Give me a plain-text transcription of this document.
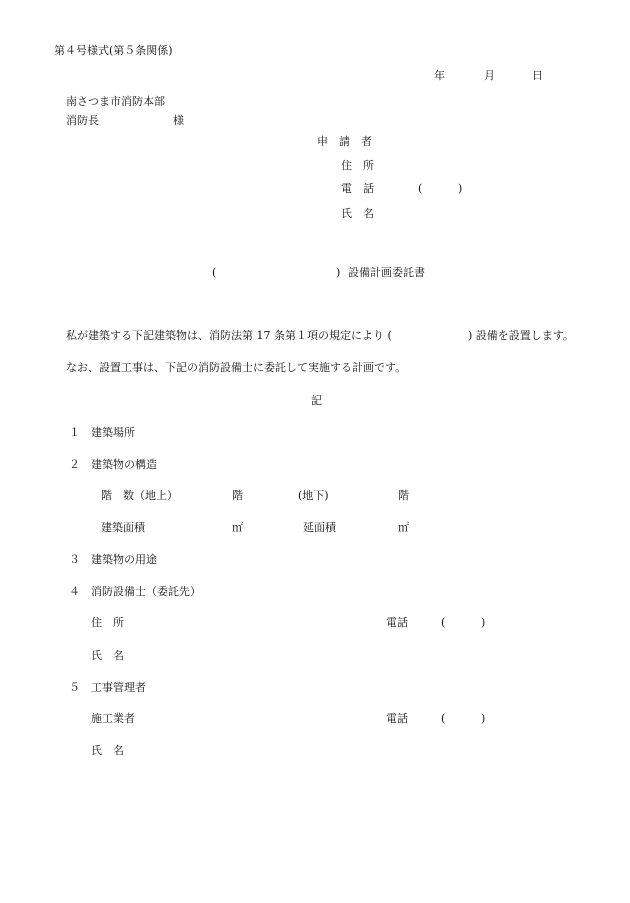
第４号様式(第５条関係)
年	月	日
南さつま市消防本部
消防長	様
申　請　者
住　所
電　話	(	)
氏　名
(	) 設備計画委託書
私が建築する下記建築物は、消防法第 17 条第１項の規定により (	) 設備を設置します。
なお、設置工事は、下記の消防設備士に委託して実施する計画です。
記
１ 建築場所
２ 建築物の構造
階　数（地上）	階	(地下)	階
建築面積	㎡	延面積	㎡
３ 建築物の用途
４ 消防設備士（委託先）
住　所	電話	(	)
氏　名
５ 工事管理者
施工業者	電話	(	)
氏　名
